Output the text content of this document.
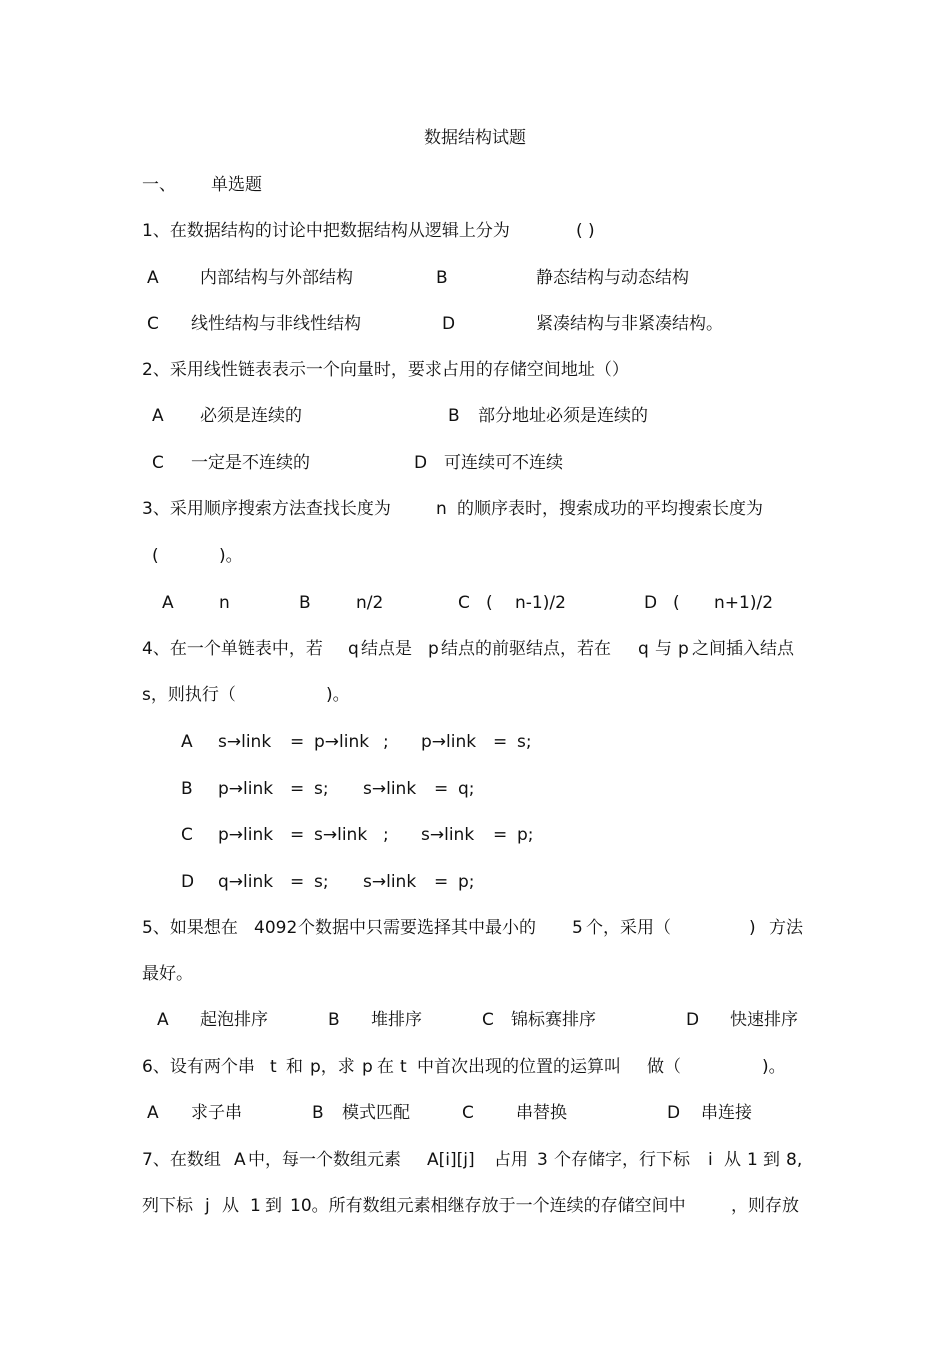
数据结构试题
一、 单选题
1、在数据结构的讨论中把数据结构从逻辑上分为	( )
A 内部结构与外部结构	B	静态结构与动态结构
C 线性结构与非线性结构	D	紧凑结构与非紧凑结构。
2、采用线性链表表示一个向量时，要求占用的存储空间地址（）
A 必须是连续的	B 部分地址必须是连续的
C 一定是不连续的	D 可连续可不连续
3、采用顺序搜索方法查找长度为	n 的顺序表时，搜索成功的平均搜索长度为
(	)。
A	n	B	n/2	C ( n-1)/2	D ( n+1)/2
4、在一个单链表中，若 q 结点是 p 结点的前驱结点，若在 q 与 p 之间插入结点
s，则执行（	)。
A s→link = p→link ; p→link = s;
B p→link = s; s→link = q;
C p→link = s→link ; s→link = p;
D q→link = s; s→link = p;
5、如果想在 4092 个数据中只需要选择其中最小的 5 个，采用（	) 方法
最好。
A 起泡排序	B 堆排序	C 锦标赛排序	D 快速排序
6、设有两个串 t 和 p，求 p 在 t 中首次出现的位置的运算叫 做（	)。
A 求子串	B 模式匹配	C 串替换	D 串连接
7、在数组 A 中，每一个数组元素 A[i][j] 占用 3 个存储字，行下标 i 从 1 到 8,
列下标 j 从 1 到 10。所有数组元素相继存放于一个连续的存储空间中	，则存放
